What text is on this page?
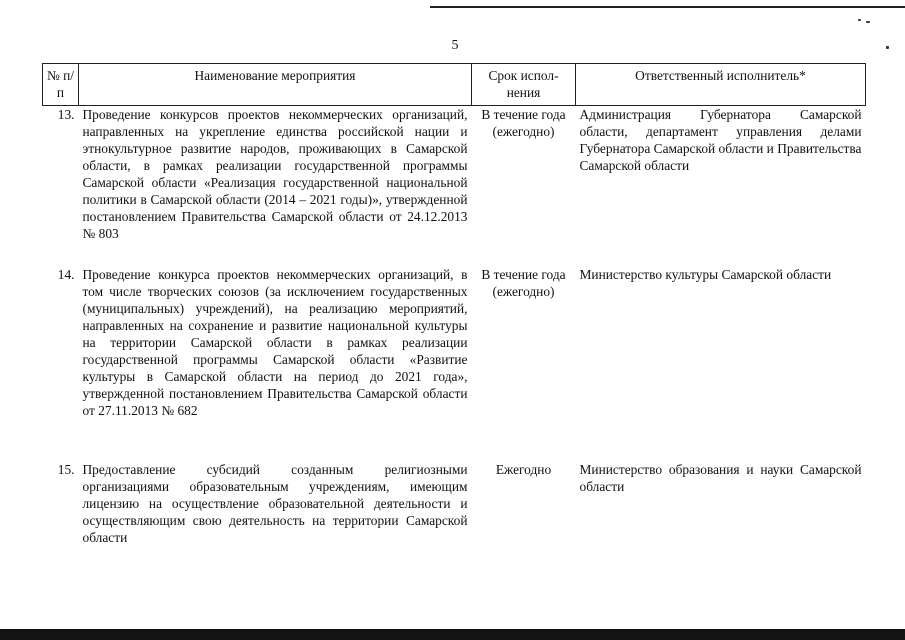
5
№ п/п	Наименование мероприятия	Срок испол-нения	Ответственный исполнитель*
13.	Проведение конкурсов проектов некоммерческих организаций, направленных на укрепление единства российской нации и этнокультурное развитие народов, проживающих в Самарской области, в рамках реализации государственной программы Самарской области «Реализация государственной национальной политики в Самарской области (2014 – 2021 годы)», утвержденной постановлением Правительства Самарской области от 24.12.2013 № 803	В течение года (ежегодно)	Администрация Губернатора Самарской области, департамент управления делами Губернатора Самарской области и Правительства Самарской области
14.	Проведение конкурса проектов некоммерческих организаций, в том числе творческих союзов (за исключением государственных (муниципальных) учреждений), на реализацию мероприятий, направленных на сохранение и развитие национальной культуры на территории Самарской области в рамках реализации государственной программы Самарской области «Развитие культуры в Самарской области на период до 2021 года», утвержденной постановлением Правительства Самарской области от 27.11.2013 № 682	В течение года (ежегодно)	Министерство культуры Самарской области
15.	Предоставление субсидий созданным религиозными организациями образовательным учреждениям, имеющим лицензию на осуществление образовательной деятельности и осуществляющим свою деятельность на территории Самарской области	Ежегодно	Министерство образования и науки Самарской области
